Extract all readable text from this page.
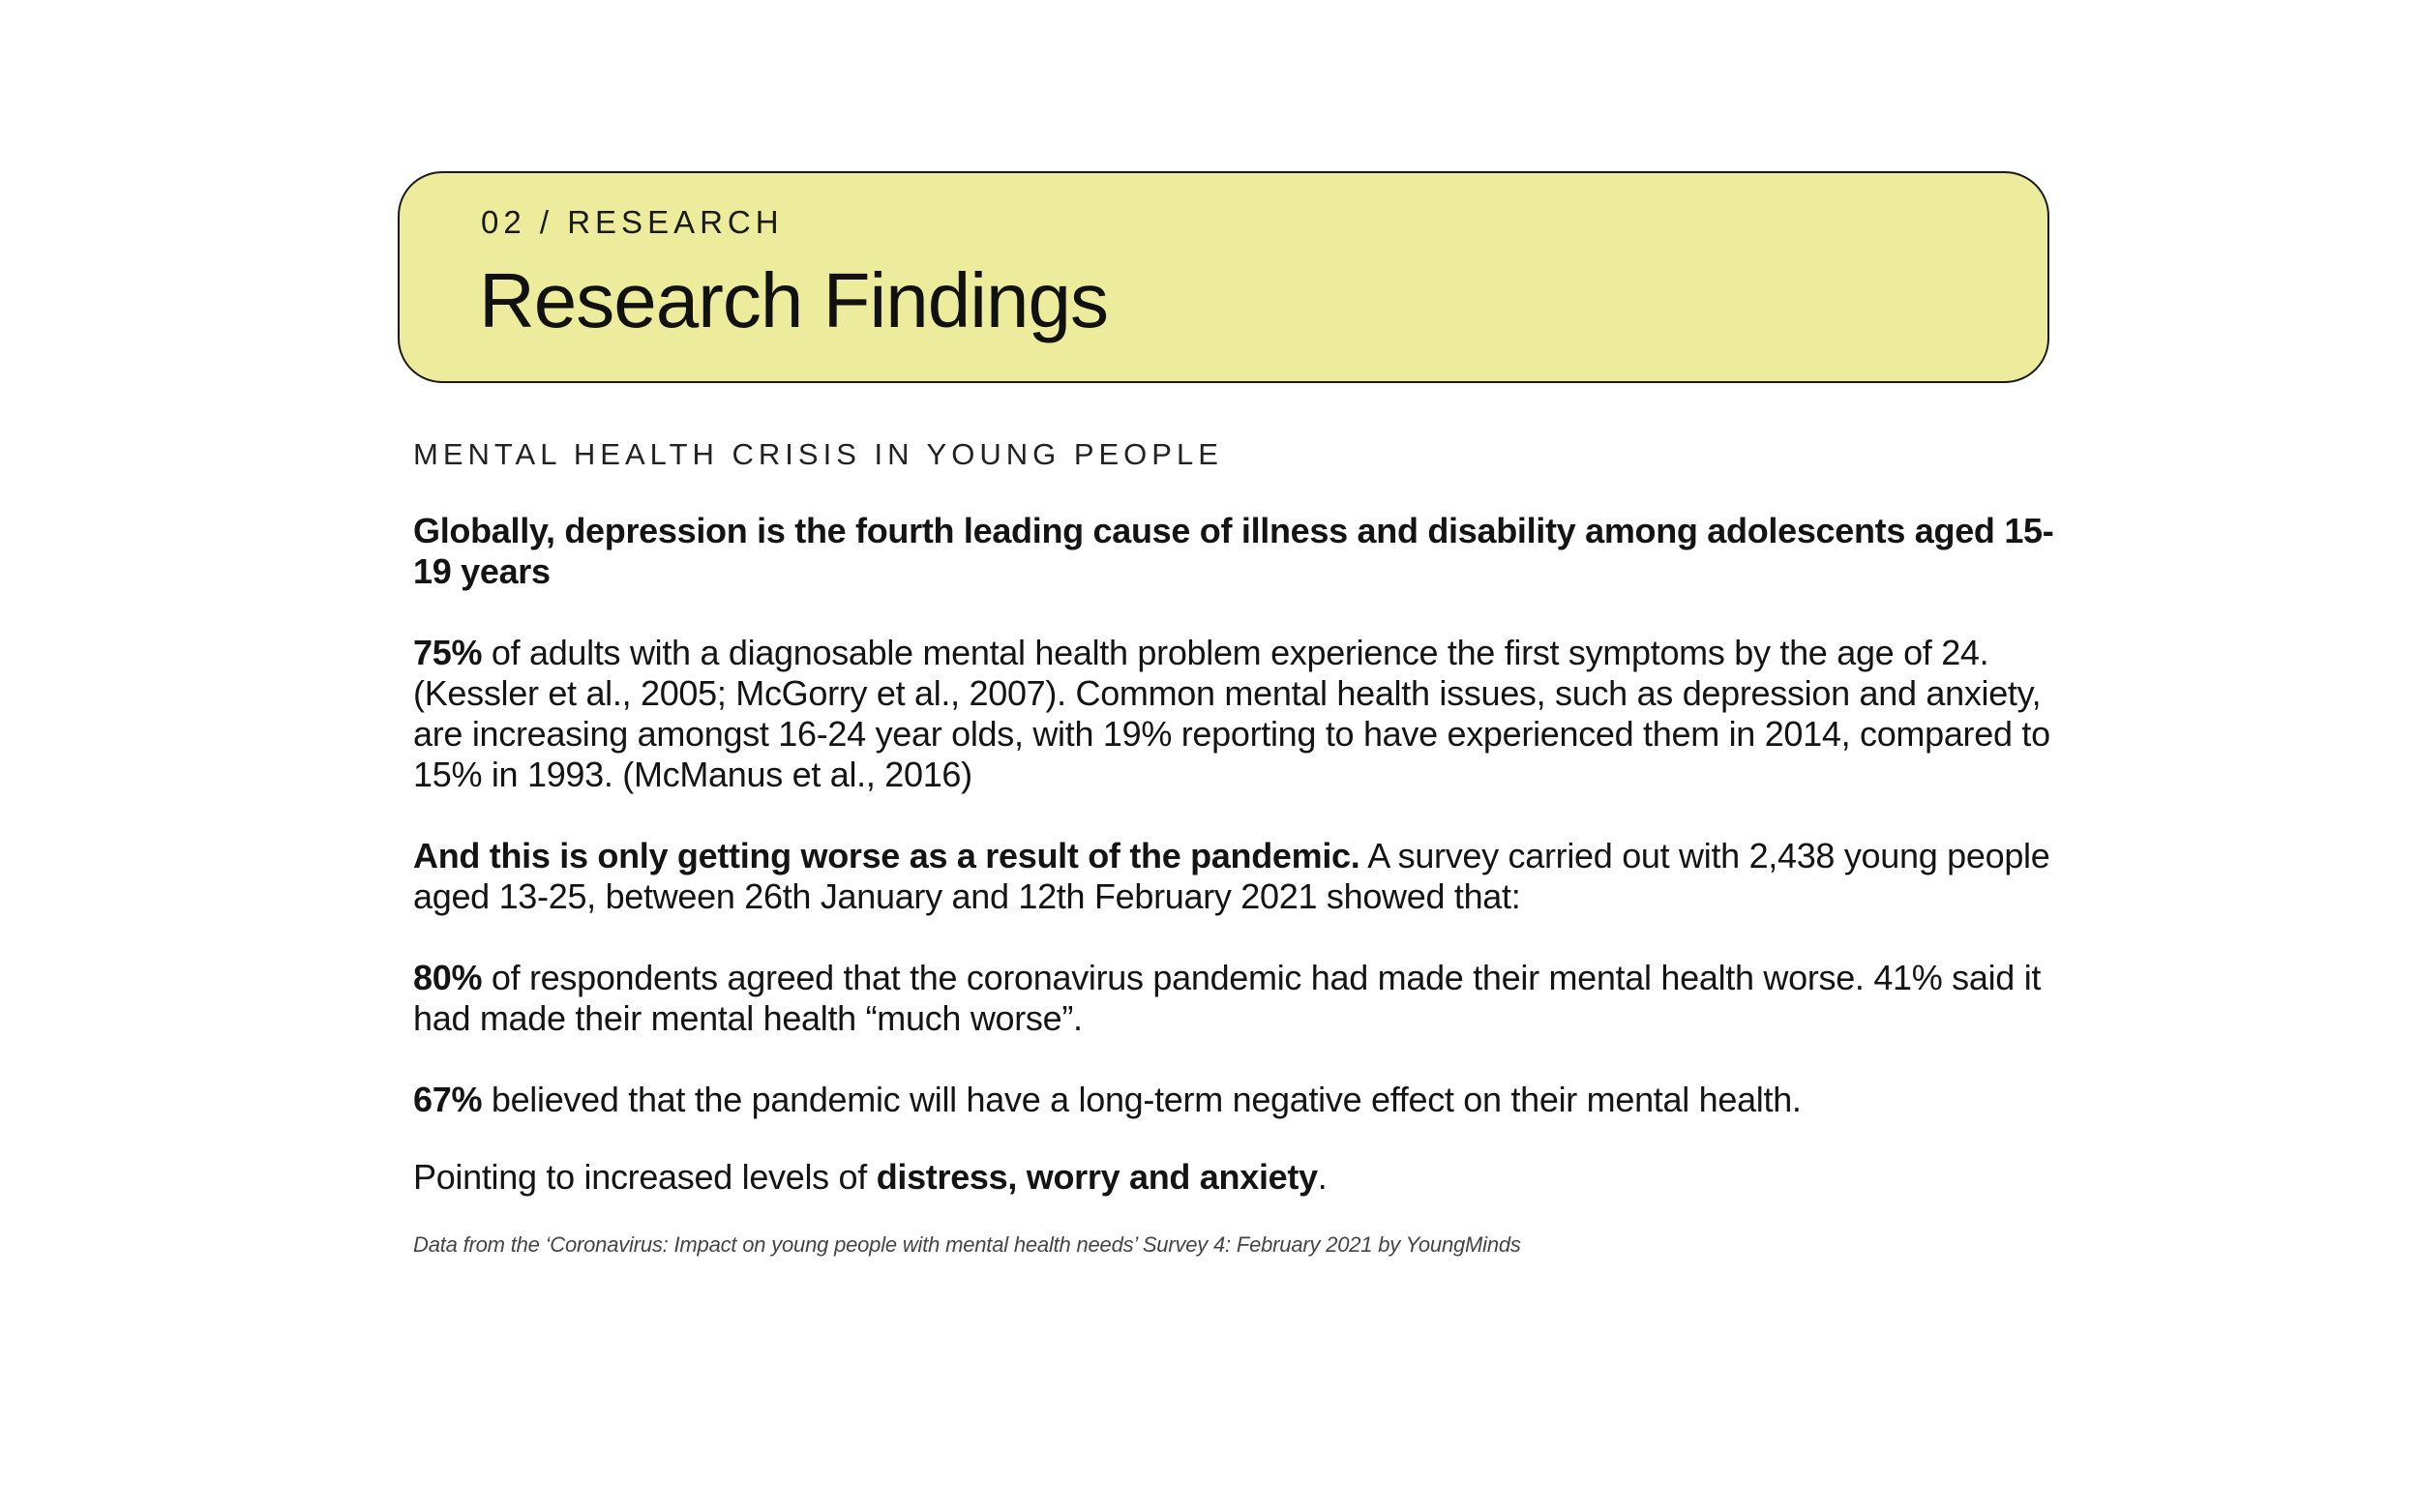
02 / RESEARCH
Research Findings
MENTAL HEALTH CRISIS IN YOUNG PEOPLE

Globally, depression is the fourth leading cause of illness and disability among adolescents aged 15-19 years

75% of adults with a diagnosable mental health problem experience the first symptoms by the age of 24. (Kessler et al., 2005; McGorry et al., 2007). Common mental health issues, such as depression and anxiety, are increasing amongst 16-24 year olds, with 19% reporting to have experienced them in 2014, compared to 15% in 1993. (McManus et al., 2016)

And this is only getting worse as a result of the pandemic. A survey carried out with 2,438 young people aged 13-25, between 26th January and 12th February 2021 showed that:

80% of respondents agreed that the coronavirus pandemic had made their mental health worse. 41% said it had made their mental health “much worse”.

67% believed that the pandemic will have a long-term negative effect on their mental health.

Pointing to increased levels of distress, worry and anxiety.

Data from the ‘Coronavirus: Impact on young people with mental health needs’ Survey 4: February 2021 by YoungMinds
